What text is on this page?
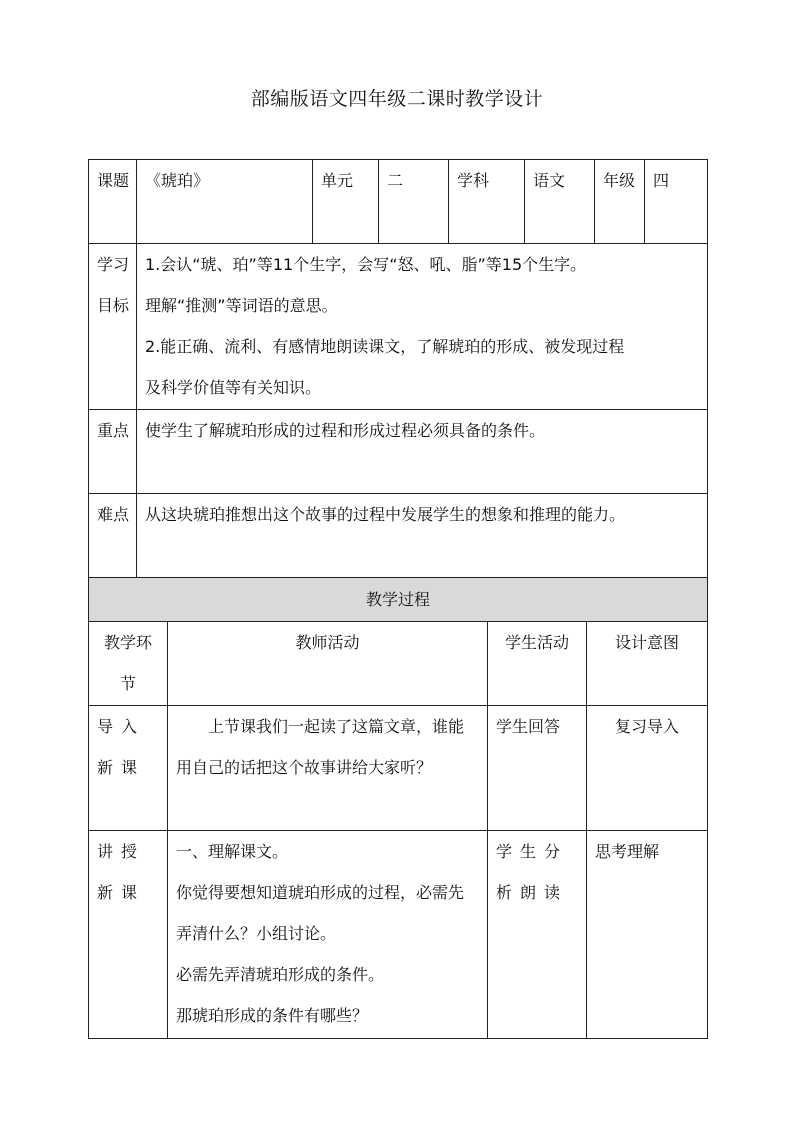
部编版语文四年级二课时教学设计
课题	《琥珀》	单元	二	学科	语文	年级	四
学习目标	1.会认“琥、珀”等11个生字，会写“怒、吼、脂”等15个生字。

理解“推测”等词语的意思。

2.能正确、流利、有感情地朗读课文，了解琥珀的形成、被发现过程

及科学价值等有关知识。						

重点	使学生了解琥珀形成的过程和形成过程必须具备的条件。						
难点	从这块琥珀推想出这个故事的过程中发展学生的想象和推理的能力。						
教学过程			
教学环节	教师活动	学生活动	设计意图
导入新课	上节课我们一起读了这篇文章，谁能用自己的话把这个故事讲给大家听？	学生回答	复习导入
讲授新课	一、理解课文。

你觉得要想知道琥珀形成的过程，必需先弄清什么？小组讨论。

必需先弄清琥珀形成的条件。

那琥珀形成的条件有哪些？	学生分析朗读	思考理解
